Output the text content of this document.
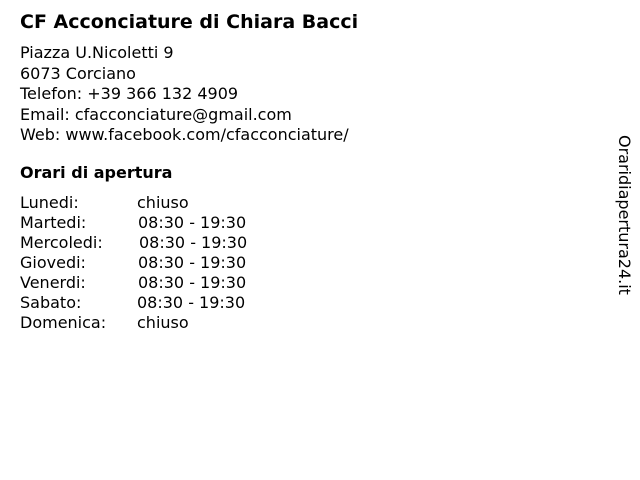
CF Acconciature di Chiara Bacci
Piazza U.Nicoletti 9
6073 Corciano
Telefon: +39 366 132 4909
Email: cfacconciature@gmail.com
Web: www.facebook.com/cfacconciature/
Orari di apertura
Lunedi:	chiuso
Martedi:	08:30 - 19:30
Mercoledi: 08:30 - 19:30
Giovedi:	08:30 - 19:30
Venerdi:	08:30 - 19:30
Sabato:	08:30 - 19:30
Domenica: chiuso
Oraridiapertura24.it
